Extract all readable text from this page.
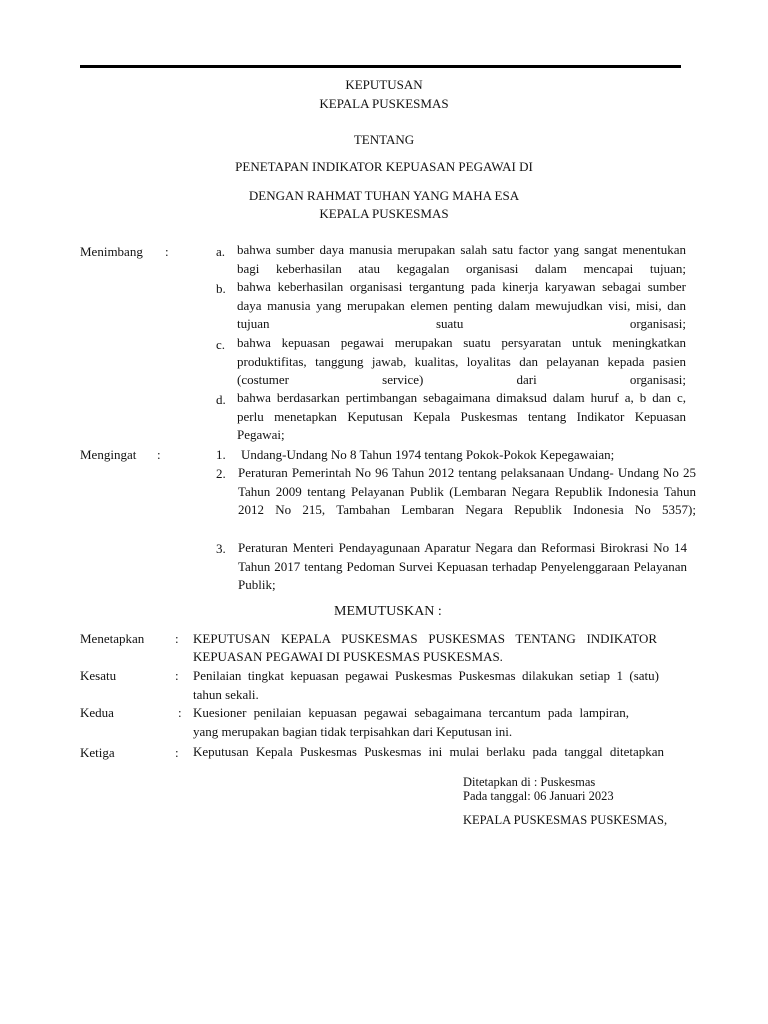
KEPUTUSAN
KEPALA PUSKESMAS
TENTANG
PENETAPAN INDIKATOR KEPUASAN PEGAWAI DI
DENGAN RAHMAT TUHAN YANG MAHA ESA
KEPALA PUSKESMAS
Menimbang :	a. bahwa sumber daya manusia merupakan salah satu factor yang sangat menentukan bagi keberhasilan atau kegagalan organisasi dalam mencapai tujuan;
b. bahwa keberhasilan organisasi tergantung pada kinerja karyawan sebagai sumber daya manusia yang merupakan elemen penting dalam mewujudkan visi, misi, dan tujuan suatu organisasi;
c. bahwa kepuasan pegawai merupakan suatu persyaratan untuk meningkatkan produktifitas, tanggung jawab, kualitas, loyalitas dan pelayanan kepada pasien (costumer service) dari organisasi;
d. bahwa berdasarkan pertimbangan sebagaimana dimaksud dalam huruf a, b dan c, perlu menetapkan Keputusan Kepala Puskesmas tentang Indikator Kepuasan Pegawai;
Mengingat :	1. Undang-Undang No 8 Tahun 1974 tentang Pokok-Pokok Kepegawaian;
2. Peraturan Pemerintah No 96 Tahun 2012 tentang pelaksanaan Undang- Undang No 25 Tahun 2009 tentang Pelayanan Publik (Lembaran Negara Republik Indonesia Tahun 2012 No 215, Tambahan Lembaran Negara Republik Indonesia No 5357);
3. Peraturan Menteri Pendayagunaan Aparatur Negara dan Reformasi Birokrasi No 14 Tahun 2017 tentang Pedoman Survei Kepuasan terhadap Penyelenggaraan Pelayanan Publik;
MEMUTUSKAN :
Menetapkan : KEPUTUSAN KEPALA PUSKESMAS PUSKESMAS TENTANG INDIKATOR KEPUASAN PEGAWAI DI PUSKESMAS PUSKESMAS.
Kesatu	: Penilaian tingkat kepuasan pegawai Puskesmas Puskesmas dilakukan setiap 1 (satu) tahun sekali.
Kedua	: Kuesioner penilaian kepuasan pegawai sebagaimana tercantum pada lampiran, yang merupakan bagian tidak terpisahkan dari Keputusan ini.
Ketiga	: Keputusan Kepala Puskesmas Puskesmas ini mulai berlaku pada tanggal ditetapkan
Ditetapkan di : Puskesmas
Pada tanggal: 06 Januari 2023
KEPALA PUSKESMAS PUSKESMAS,
